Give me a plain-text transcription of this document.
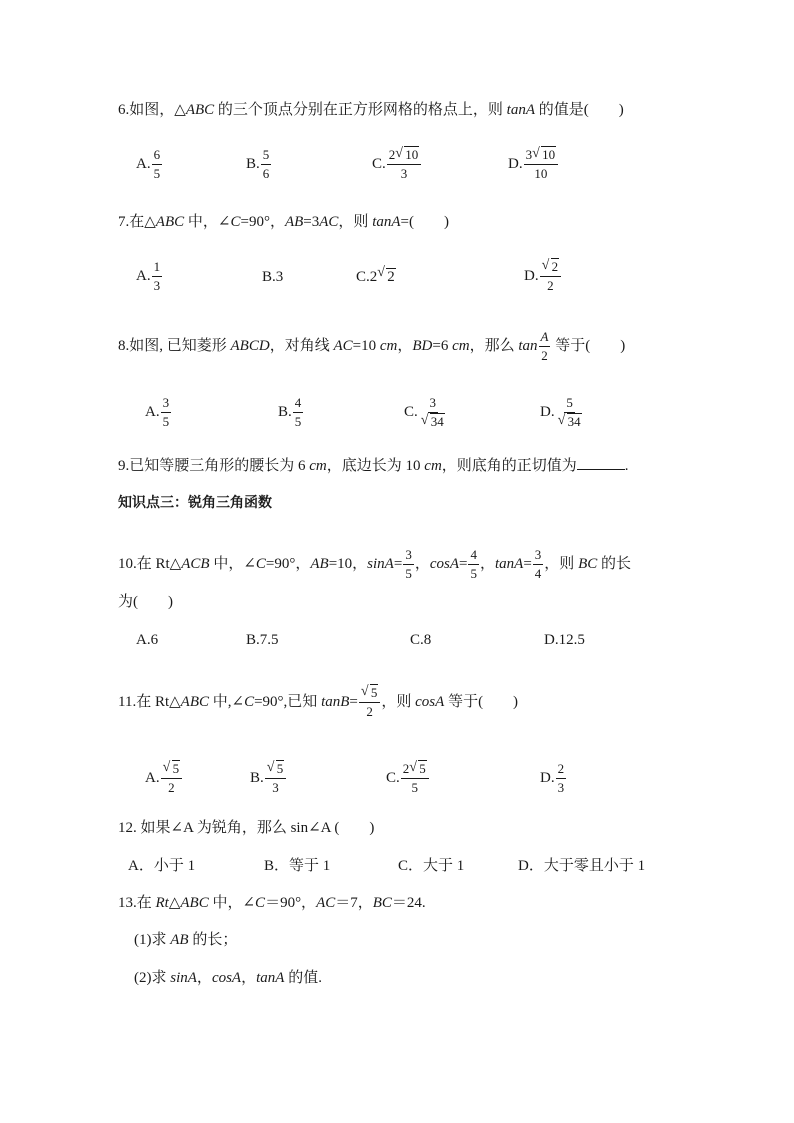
6.如图，△ABC 的三个顶点分别在正方形网格的格点上，则 tanA 的值是(　　)
A. $\frac{6}{5}$	B. $\frac{5}{6}$	C. $\frac{2 √ 10}{3}$	D. $\frac{3 √ 10}{10}$
7.在△ABC 中，∠C=90°，AB=3AC，则 tanA=(　　)
A. $\frac{1}{3}$	B.3	C.2 √ 2	D. $\frac{√ 2}{2}$
8.如图, 已知菱形 ABCD，对角线 AC=10 cm，BD=6 cm，那么 $\tan \frac{A}{2}$ 等于(　　)
A. $\frac{3}{5}$	B. $\frac{4}{5}$	C. $\frac{3}{√ 34}$	D. $\frac{5}{√ 34}$
9.已知等腰三角形的腰长为 6 cm，底边长为 10 cm，则底角的正切值为	.
知识点三：锐角三角函数
10.在 Rt△ACB 中，∠C=90°，AB=10，$\sin A= \frac{3}{5}$ ，$\cos A= \frac{4}{5}$ ，$\tan A= \frac{3}{4}$ ，则 BC 的长
为(　　)
A.6	B.7.5	C.8	D.12.5
11.在 Rt△ABC 中,∠C=90°,已知 $\tan B= \frac{√ 5}{2}$ ，则 cosA 等于(　　)
A. $\frac{√ 5}{2}$	B. $\frac{√ 5}{3}$	C. $\frac{2 √ 5}{5}$	D. $\frac{2}{3}$
12. 如果∠A 为锐角，那么 sin∠A (　　)
A．小于 1	B．等于 1	C．大于 1	D．大于零且小于 1
13.在 Rt△ABC 中，∠C＝90°，AC＝7，BC＝24.
(1)求 AB 的长；
(2)求 sinA，cosA，tanA 的值.
